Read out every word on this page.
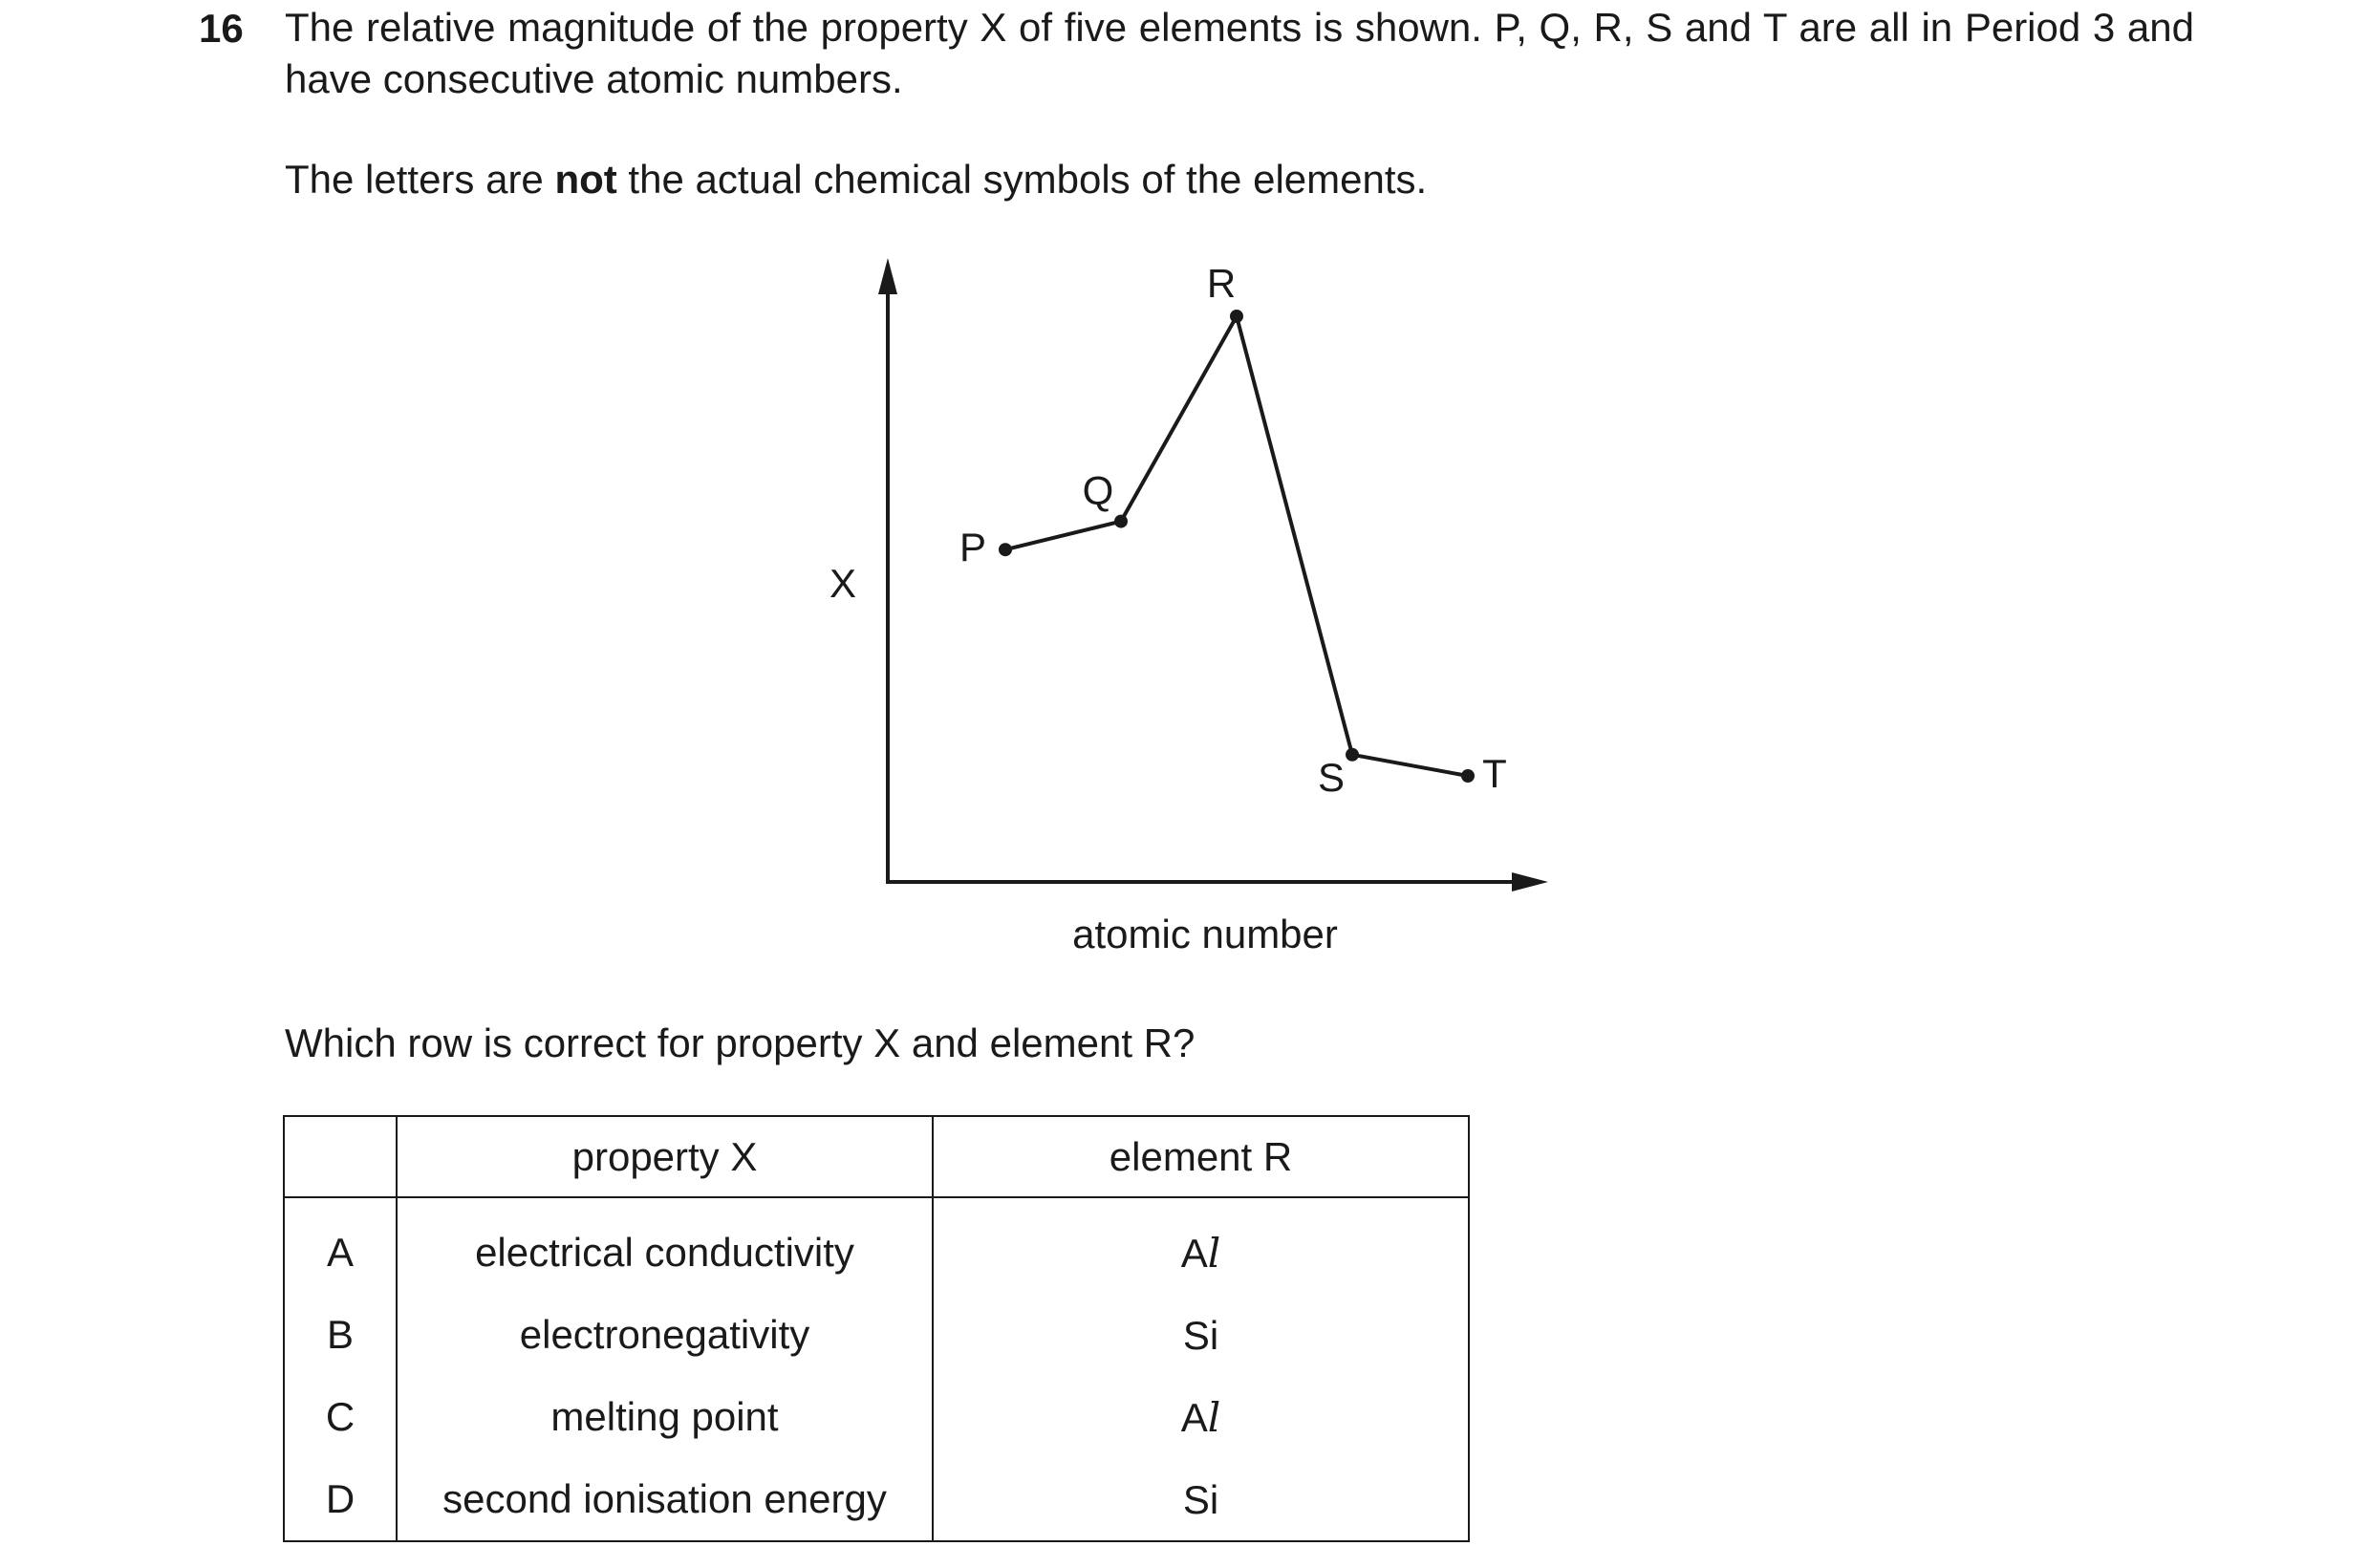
16 The relative magnitude of the property X of five elements is shown. P, Q, R, S and T are all in Period 3 and have consecutive atomic numbers.
The letters are not the actual chemical symbols of the elements.
X
atomic number
P
Q
R
S	T
Which row is correct for property X and element R?
	property X	element R
A	electrical conductivity	Al
B	electronegativity	Si
C	melting point	Al
D	second ionisation energy	Si
